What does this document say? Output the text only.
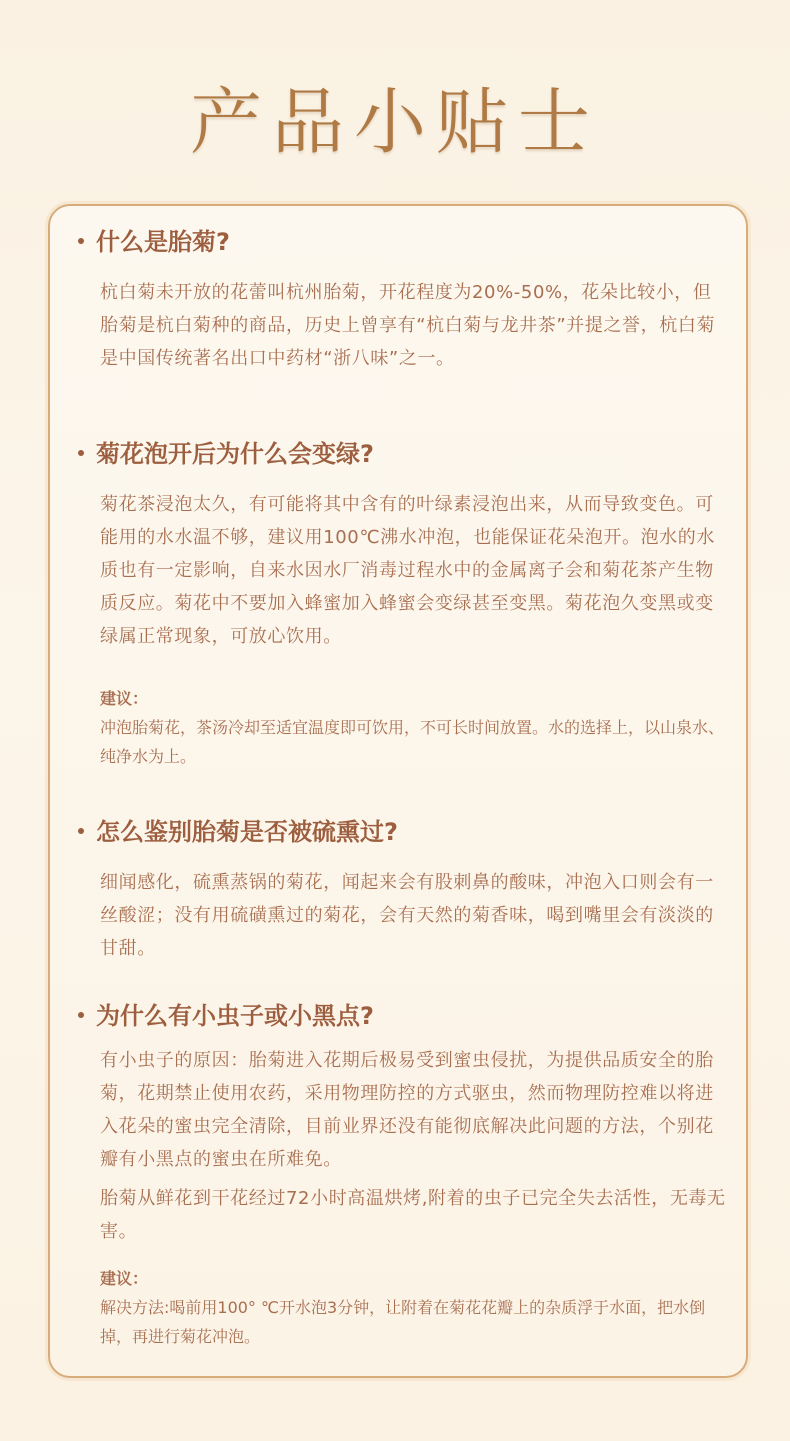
产品小贴士
什么是胎菊?
杭白菊未开放的花蕾叫杭州胎菊，开花程度为20%-50%，花朵比较小，但胎菊是杭白菊种的商品，历史上曾享有“杭白菊与龙井茶”并提之誉，杭白菊是中国传统著名出口中药材“浙八味”之一。
菊花泡开后为什么会变绿?
菊花茶浸泡太久，有可能将其中含有的叶绿素浸泡出来，从而导致变色。可能用的水水温不够，建议用100℃沸水冲泡，也能保证花朵泡开。泡水的水质也有一定影响，自来水因水厂消毒过程水中的金属离子会和菊花茶产生物质反应。菊花中不要加入蜂蜜加入蜂蜜会变绿甚至变黑。菊花泡久变黑或变绿属正常现象，可放心饮用。
建议：
冲泡胎菊花，茶汤冷却至适宜温度即可饮用，不可长时间放置。水的选择上，以山泉水、纯净水为上。
怎么鉴别胎菊是否被硫熏过?
细闻感化，硫熏蒸锅的菊花，闻起来会有股刺鼻的酸味，冲泡入口则会有一丝酸涩；没有用硫磺熏过的菊花，会有天然的菊香味，喝到嘴里会有淡淡的甘甜。
为什么有小虫子或小黑点?
有小虫子的原因：胎菊进入花期后极易受到蜜虫侵扰，为提供品质安全的胎菊，花期禁止使用农药，采用物理防控的方式驱虫，然而物理防控难以将进入花朵的蜜虫完全清除，目前业界还没有能彻底解决此问题的方法，个别花瓣有小黑点的蜜虫在所难免。
胎菊从鲜花到干花经过72小时高温烘烤,附着的虫子已完全失去活性，无毒无害。
建议：
解决方法:喝前用100° ℃开水泡3分钟，让附着在菊花花瓣上的杂质浮于水面，把水倒掉，再进行菊花冲泡。
